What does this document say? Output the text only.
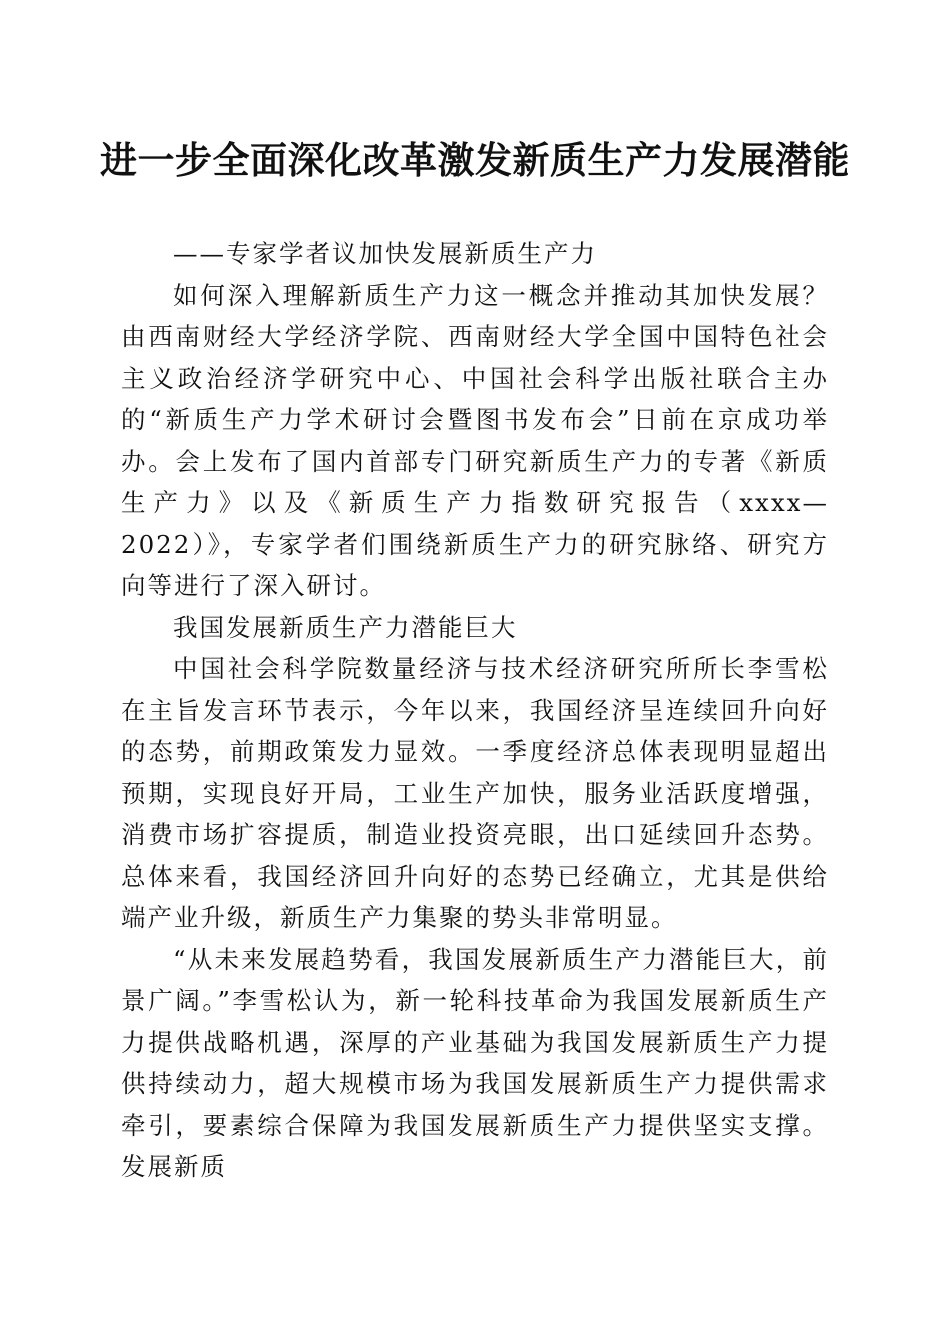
进一步全面深化改革激发新质生产力发展潜能

——专家学者议加快发展新质生产力

如何深入理解新质生产力这一概念并推动其加快发展？由西南财经大学经济学院、西南财经大学全国中国特色社会主义政治经济学研究中心、中国社会科学出版社联合主办的“新质生产力学术研讨会暨图书发布会”日前在京成功举办。会上发布了国内首部专门研究新质生产力的专著《新质生产力》以及《新质生产力指数研究报告（xxxx—2022）》，专家学者们围绕新质生产力的研究脉络、研究方向等进行了深入研讨。

我国发展新质生产力潜能巨大

中国社会科学院数量经济与技术经济研究所所长李雪松在主旨发言环节表示，今年以来，我国经济呈连续回升向好的态势，前期政策发力显效。一季度经济总体表现明显超出预期，实现良好开局，工业生产加快，服务业活跃度增强，消费市场扩容提质，制造业投资亮眼，出口延续回升态势。总体来看，我国经济回升向好的态势已经确立，尤其是供给端产业升级，新质生产力集聚的势头非常明显。

“从未来发展趋势看，我国发展新质生产力潜能巨大，前景广阔。”李雪松认为，新一轮科技革命为我国发展新质生产力提供战略机遇，深厚的产业基础为我国发展新质生产力提供持续动力，超大规模市场为我国发展新质生产力提供需求牵引，要素综合保障为我国发展新质生产力提供坚实支撑。发展新质
